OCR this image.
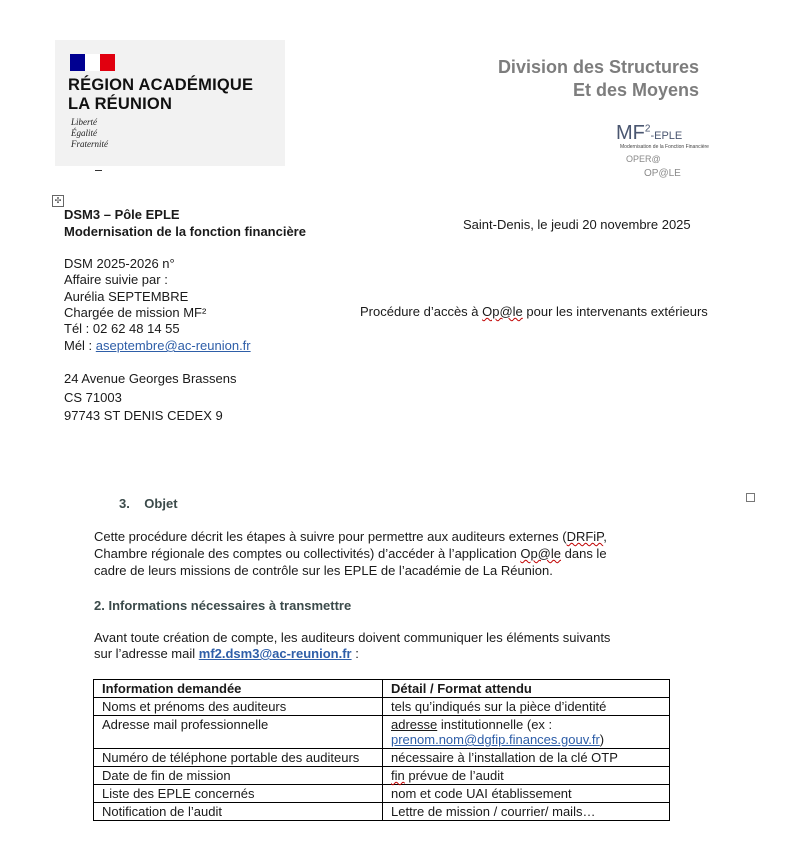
RÉGION ACADÉMIQUE
LA RÉUNION
Liberté
Égalité
Fraternité
Division des Structures
Et des Moyens
$MF^2$-EPLE
Modernisation de la Fonction Financière
OPER@
OP@LE
✣
DSM3 – Pôle EPLE
Modernisation de la fonction financière	Saint-Denis, le jeudi 20 novembre 2025
DSM 2025-2026 n°
Affaire suivie par :
Aurélia SEPTEMBRE
Chargée de mission MF²
Tél : 02 62 48 14 55
Mél : aseptembre@ac-reunion.fr
Procédure d’accès à Op@le pour les intervenants extérieurs
24 Avenue Georges Brassens
CS 71003
97743 ST DENIS CEDEX 9
3. Objet
Cette procédure décrit les étapes à suivre pour permettre aux auditeurs externes (DRFiP,
Chambre régionale des comptes ou collectivités) d’accéder à l’application Op@le dans le
cadre de leurs missions de contrôle sur les EPLE de l’académie de La Réunion.
2. Informations nécessaires à transmettre
Avant toute création de compte, les auditeurs doivent communiquer les éléments suivants
sur l’adresse mail mf2.dsm3@ac-reunion.fr :
Information demandée	Détail / Format attendu
Noms et prénoms des auditeurs	tels qu’indiqués sur la pièce d’identité
Adresse mail professionnelle	adresse institutionnelle (ex :
prenom.nom@dgfip.finances.gouv.fr)
Numéro de téléphone portable des auditeurs	nécessaire à l’installation de la clé OTP
Date de fin de mission	fin prévue de l’audit
Liste des EPLE concernés	nom et code UAI établissement
Notification de l’audit	Lettre de mission / courrier/ mails…
